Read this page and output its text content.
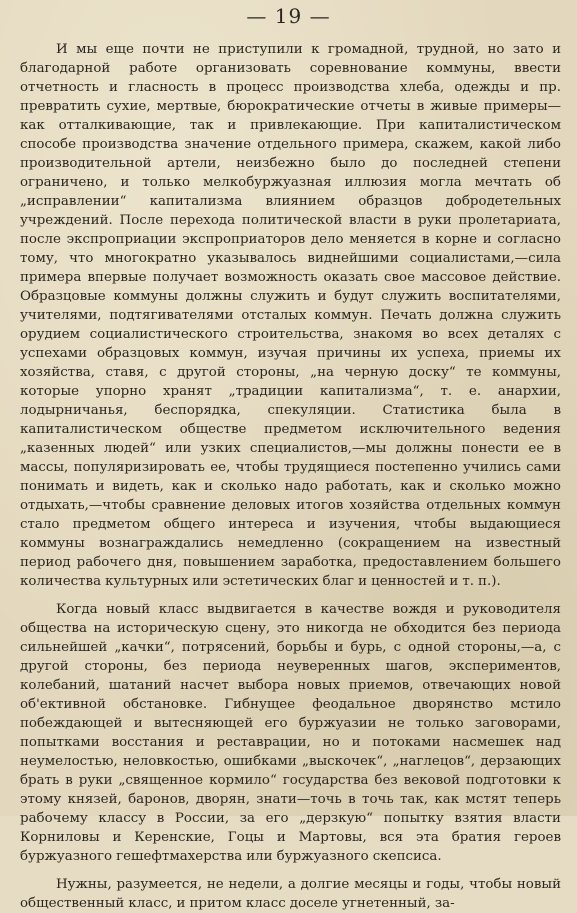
— 19 —

И мы еще почти не приступили к громадной, трудной, но зато и благодарной работе организовать соревнование коммуны, ввести отчетность и гласность в процесс производства хлеба, одежды и пр. превратить сухие, мертвые, бюрократические отчеты в живые примеры—как отталкивающие, так и привлекающие. При капиталистическом способе производства значение отдельного примера, скажем, какой либо производительной артели, неизбежно было до последней степени ограничено, и только мелкобуржуазная иллюзия могла мечтать об „исправлении“ капитализма влиянием образцов добродетельных учреждений. После перехода политической власти в руки пролетариата, после экспроприации экспроприаторов дело меняется в корне и согласно тому, что многократно указывалось виднейшими социалистами,—сила примера впервые получает возможность оказать свое массовое действие. Образцовые коммуны должны служить и будут служить воспитателями, учителями, подтягивателями отсталых коммун. Печать должна служить орудием социалистического строительства, знакомя во всех деталях с успехами образцовых коммун, изучая причины их успеха, приемы их хозяйства, ставя, с другой стороны, „на черную доску“ те коммуны, которые упорно хранят „традиции капитализма“, т. е. анархии, лодырничанья, беспорядка, спекуляции. Статистика была в капиталистическом обществе предметом исключительного ведения „казенных людей“ или узких специалистов,—мы должны понести ее в массы, популяризировать ее, чтобы трудящиеся постепенно учились сами понимать и видеть, как и сколько надо работать, как и сколько можно отдыхать,—чтобы сравнение деловых итогов хозяйства отдельных коммун стало предметом общего интереса и изучения, чтобы выдающиеся коммуны вознаграждались немедленно (сокращением на известный период рабочего дня, повышением заработка, предоставлением большего количества культурных или эстетических благ и ценностей и т. п.).

Когда новый класс выдвигается в качестве вождя и руководителя общества на историческую сцену, это никогда не обходится без периода сильнейшей „качки“, потрясений, борьбы и бурь, с одной стороны,—а, с другой стороны, без периода неуверенных шагов, экспериментов, колебаний, шатаний насчет выбора новых приемов, отвечающих новой об'ективной обстановке. Гибнущее феодальное дворянство мстило побеждающей и вытесняющей его буржуазии не только заговорами, попытками восстания и реставрации, но и потоками насмешек над неумелостью, неловкостью, ошибками „выскочек“, „наглецов“, дерзающих брать в руки „священное кормило“ государства без вековой подготовки к этому князей, баронов, дворян, знати—точь в точь так, как мстят теперь рабочему классу в России, за его „дерзкую“ попытку взятия власти Корниловы и Керенские, Гоцы и Мартовы, вся эта братия героев буржуазного гешефтмахерства или буржуазного скепсиса.

Нужны, разумеется, не недели, а долгие месяцы и годы, чтобы новый общественный класс, и притом класс доселе угнетенный, за-
